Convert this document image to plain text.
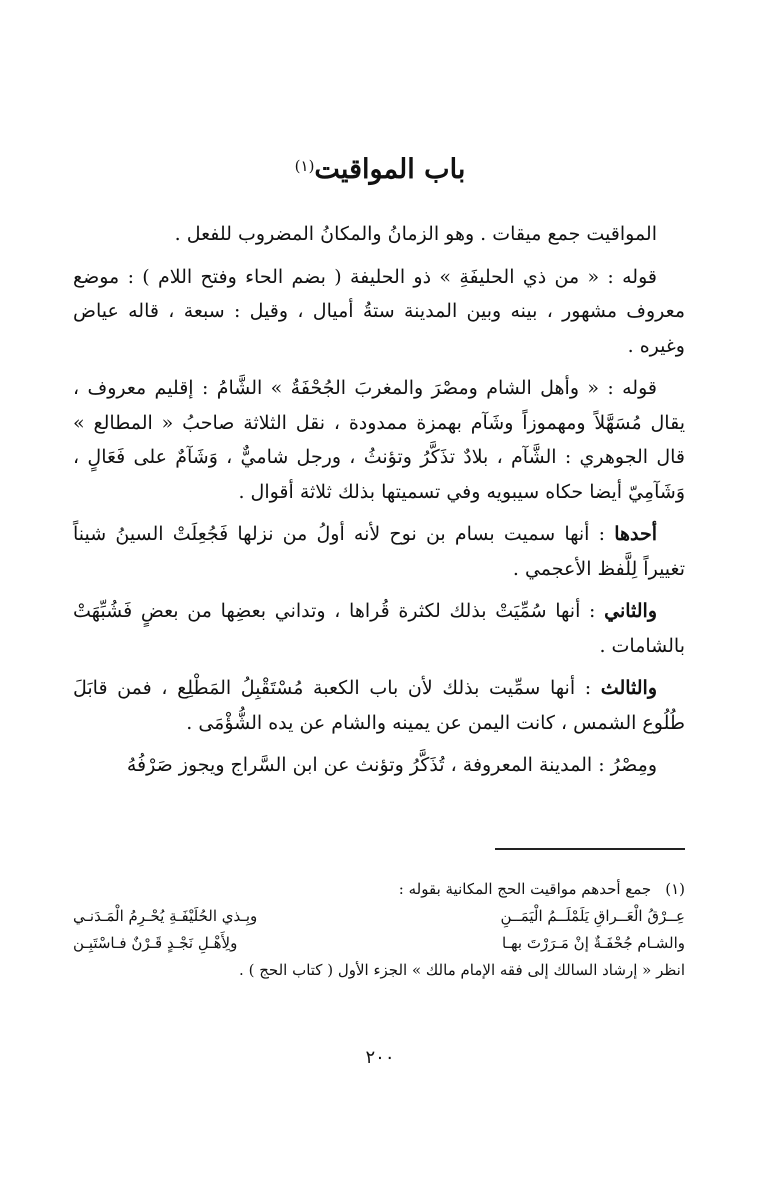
باب المواقيت$^{(١)}$

المواقيت جمع ميقات . وهو الزمانُ والمكانُ المضروب للفعل .

قوله : « من ذي الحليفَةِ » ذو الحليفة ( بضم الحاء وفتح اللام ) : موضع معروف مشهور ، بينه وبين المدينة ستةُ أميال ، وقيل : سبعة ، قاله عياض وغيره .

قوله : « وأهل الشام ومصْرَ والمغربَ الجُحْفَةُ » الشَّامُ : إقليم معروف ، يقال مُسَهَّلاً ومهموزاً وشَآم بهمزة ممدودة ، نقل الثلاثة صاحبُ « المطالع » قال الجوهري : الشَّآم ، بلادٌ تذَكَّرُ وتؤنثُ ، ورجل شاميٌّ ، وَشَآمٌ على فَعَالٍ ، وَشَآمِيّ أيضا حكاه سيبويه وفي تسميتها بذلك ثلاثة أقوال .

أحدها : أنها سميت بسام بن نوح لأنه أولُ من نزلها فَجُعِلَتْ السينُ شيناً تغييراً لِلَّفظ الأعجمي .

والثاني : أنها سُمِّيَتْ بذلك لكثرة قُراها ، وتداني بعضِها من بعضٍ فَشُبِّهَتْ بالشامات .

والثالث : أنها سمِّيت بذلك لأن باب الكعبة مُسْتَقْبِلُ المَطْلِع ، فمن قابَلَ طُلُوع الشمس ، كانت اليمن عن يمينه والشام عن يده الشُّؤْمَى .

ومِصْرُ : المدينة المعروفة ، تُذَكَّرُ وتؤنث عن ابن السَّراج ويجوز صَرْفُهُ

(١)جمع أحدهم مواقيت الحج المكانية بقوله :
عِــرْقُ الْعَــراقِ يَلَمْلَــمُ الْيَمَــنِ
وبِـذي الحُلَيْفَـةِ يُحْـرِمُ الْمَـدَنـي
والشـام جُحْفَـةٌ إنْ مَـرَرْتَ بهـا
ولِأَهْـلِ نَجْـدٍ قَـرْنٌ فـاسْتَبِـن
انظر « إرشاد السالك إلى فقه الإمام مالك » الجزء الأول ( كتاب الحج ) .
٢٠٠
